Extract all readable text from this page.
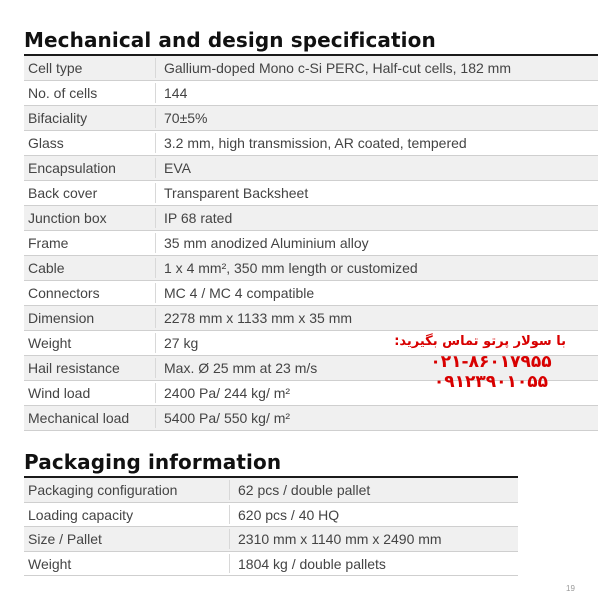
Mechanical and design specification
Cell type	Gallium-doped Mono c-Si PERC, Half-cut cells, 182 mm
No. of cells	144
Bifaciality	70±5%
Glass	3.2 mm, high transmission, AR coated, tempered
Encapsulation	EVA
Back cover	Transparent Backsheet
Junction box	IP 68 rated
Frame	35 mm anodized Aluminium alloy
Cable	1 x 4 mm², 350 mm length or customized
Connectors	MC 4 / MC 4 compatible
Dimension	2278 mm x 1133 mm x 35 mm
Weight	27 kg
Hail resistance	Max. Ø 25 mm at 23 m/s
Wind load	2400 Pa/ 244 kg/ m²
Mechanical load 5400 Pa/ 550 kg/ m²
Packaging information
Packaging configuration	62 pcs / double pallet
Loading capacity	620 pcs / 40 HQ
Size / Pallet	2310 mm x 1140 mm x 2490 mm
Weight	1804 kg / double pallets
با سولار پرتو تماس بگیرید:
۰۲۱-۸۶۰۱۷۹۵۵
۰۹۱۲۳۹۰۱۰۵۵
19
